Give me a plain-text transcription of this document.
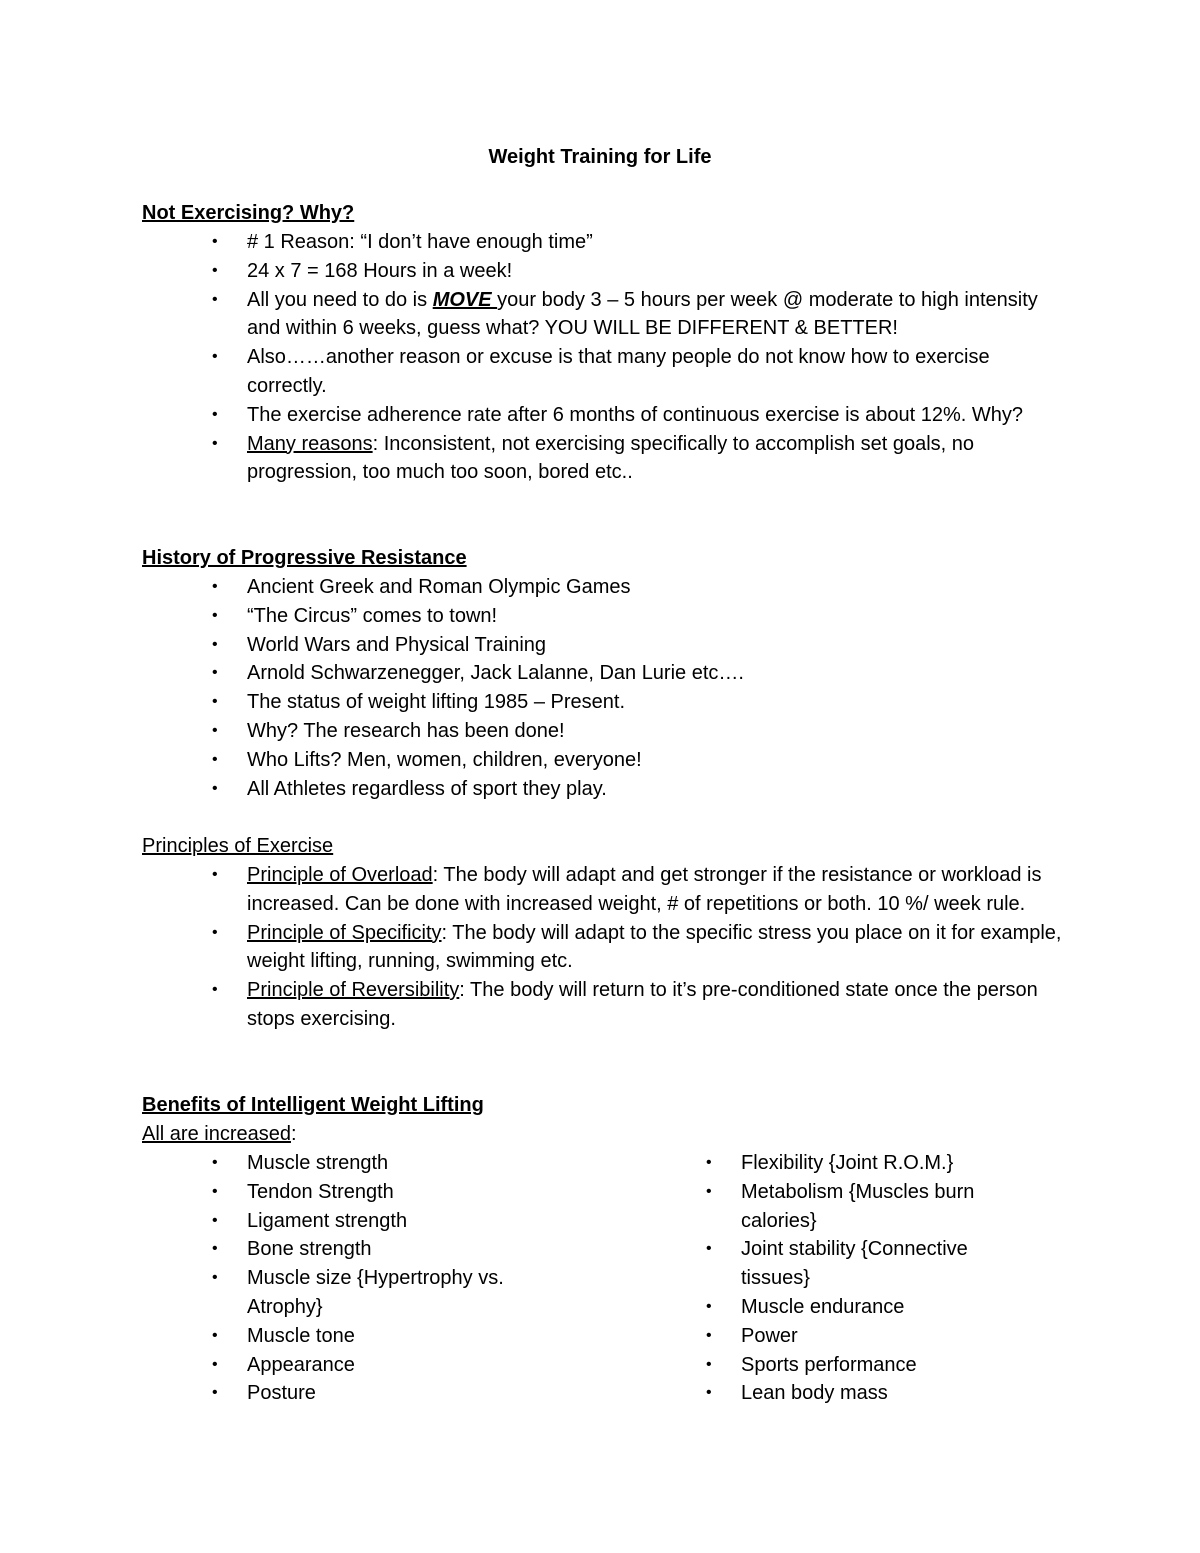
Weight Training for Life
Not Exercising? Why?
• # 1 Reason: “I don’t have enough time”
• 24 x 7 = 168 Hours in a week!
• All you need to do is MOVE your body 3 – 5 hours per week @ moderate to high intensity and within 6 weeks, guess what? YOU WILL BE DIFFERENT & BETTER!
• Also……another reason or excuse is that many people do not know how to exercise correctly.
• The exercise adherence rate after 6 months of continuous exercise is about 12%. Why?
• Many reasons: Inconsistent, not exercising specifically to accomplish set goals, no progression, too much too soon, bored etc..
History of Progressive Resistance
• Ancient Greek and Roman Olympic Games
• “The Circus” comes to town!
• World Wars and Physical Training
• Arnold Schwarzenegger, Jack Lalanne, Dan Lurie etc….
• The status of weight lifting 1985 – Present.
• Why? The research has been done!
• Who Lifts? Men, women, children, everyone!
• All Athletes regardless of sport they play.
Principles of Exercise
• Principle of Overload: The body will adapt and get stronger if the resistance or workload is increased. Can be done with increased weight, # of repetitions or both. 10 %/ week rule.
• Principle of Specificity: The body will adapt to the specific stress you place on it for example, weight lifting, running, swimming etc.
• Principle of Reversibility: The body will return to it’s pre-conditioned state once the person stops exercising.
Benefits of Intelligent Weight Lifting
All are increased:
• Muscle strength
• Tendon Strength
• Ligament strength
• Bone strength
• Muscle size {Hypertrophy vs. Atrophy}
• Muscle tone
• Appearance
• Posture
• Flexibility {Joint R.O.M.}
• Metabolism {Muscles burn calories}
• Joint stability {Connective tissues}
• Muscle endurance
• Power
• Sports performance
• Lean body mass
